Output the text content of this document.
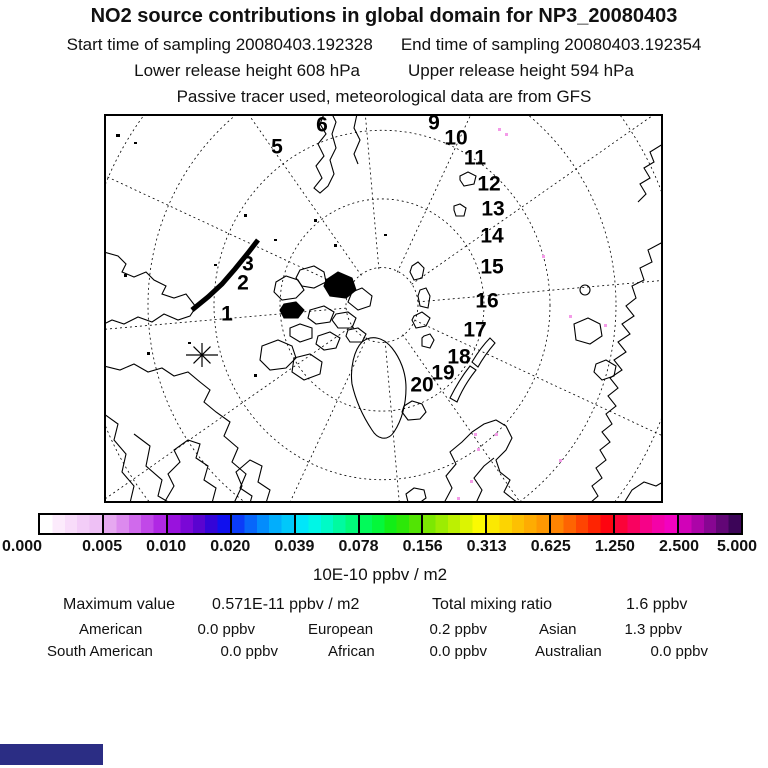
NO2 source contributions in global domain for NP3_20080403
Start time of sampling 20080403.192328 End time of sampling 20080403.192354
Lower release height 608 hPa	Upper release height 594 hPa
Passive tracer used, meteorological data are from GFS
1
2
3
5
6	9
10
11
12
13
14
15
16
17
18
19
20
0.000	0.005 0.010 0.020 0.039 0.078 0.156 0.313 0.625 1.250 2.500 5.000
10E-10 ppbv / m2
Maximum value 0.571E-11 ppbv / m2	Total mixing ratio	1.6 ppbv
American	0.0 ppbv	European	0.2 ppbv	Asian	1.3 ppbv
South American	0.0 ppbv	African	0.0 ppbv	Australian	0.0 ppbv
